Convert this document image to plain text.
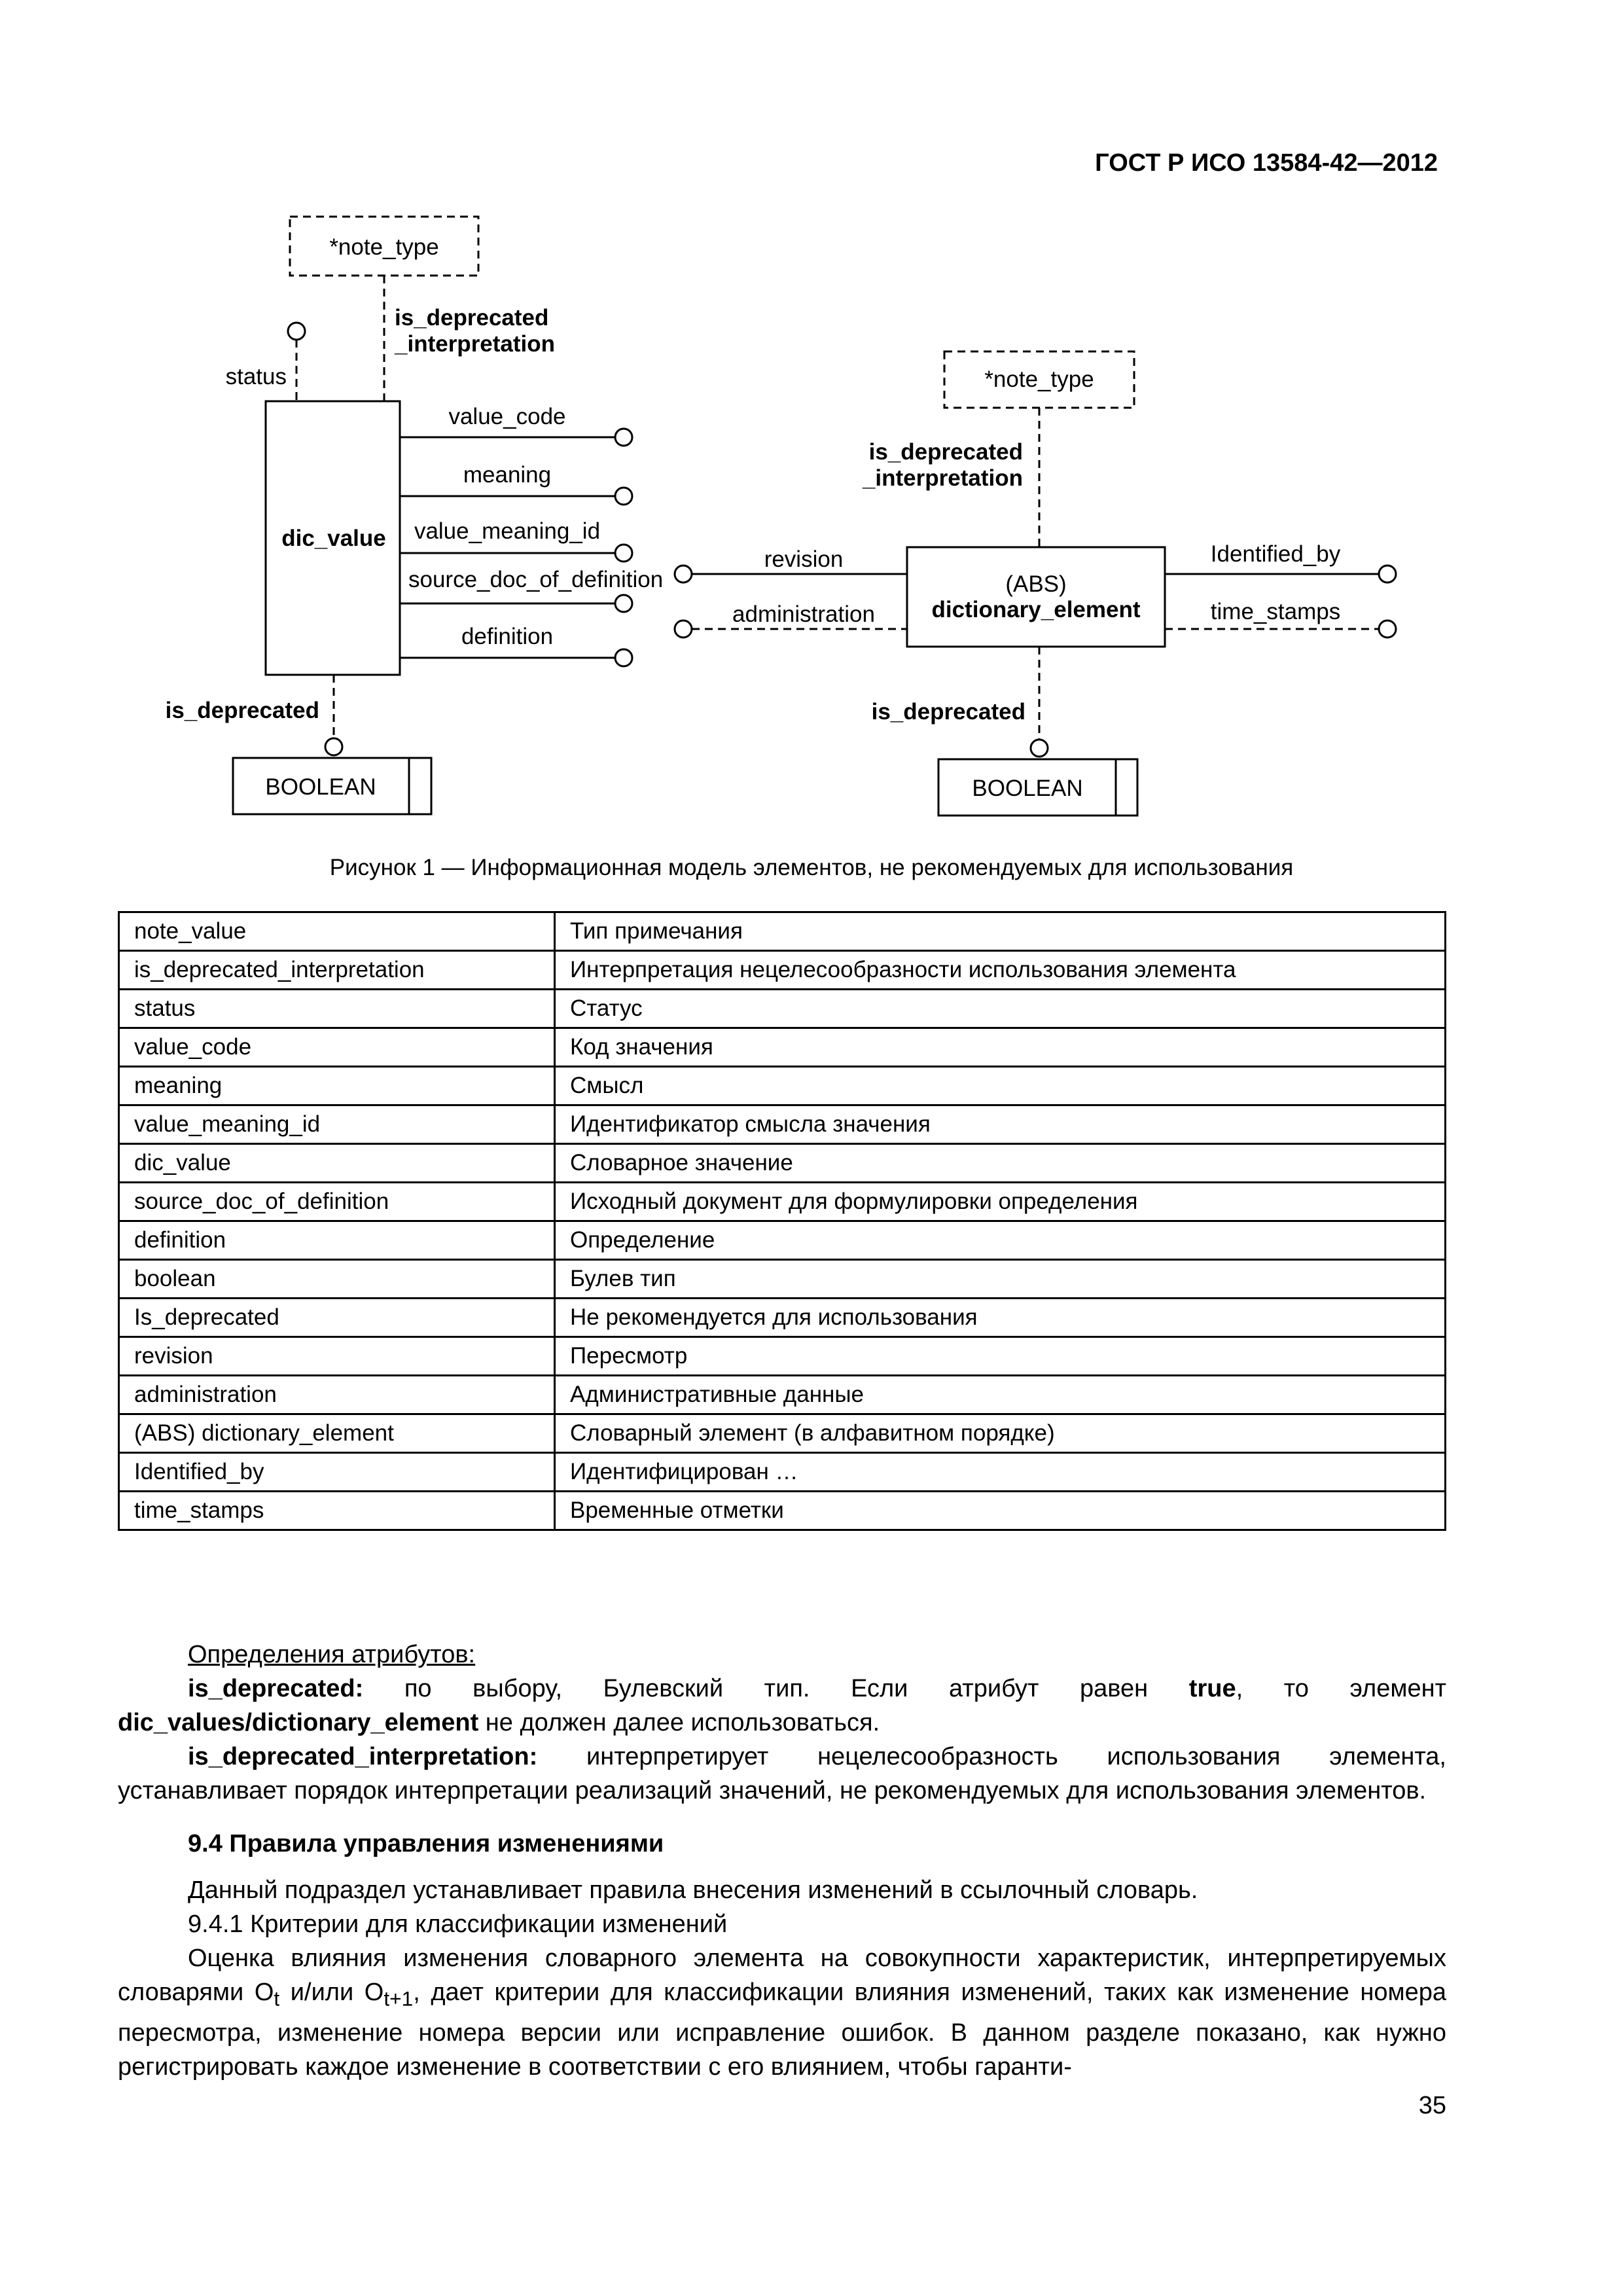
ГОСТ Р ИСО 13584-42—2012
*note_type
is_deprecated
_interpretation
status
dic_value
value_code
meaning
value_meaning_id
source_doc_of_definition
definition
is_deprecated
BOOLEAN
*note_type
is_deprecated
_interpretation
(ABS)
dictionary_element
revision
administration
Identified_by
time_stamps
is_deprecated
BOOLEAN
Рисунок 1 — Информационная модель элементов, не рекомендуемых для использования
note_value	Тип примечания
is_deprecated_interpretation	Интерпретация нецелесообразности использования элемента
status	Статус
value_code	Код значения
meaning	Смысл
value_meaning_id	Идентификатор смысла значения
dic_value	Словарное значение
source_doc_of_definition	Исходный документ для формулировки определения
definition	Определение
boolean	Булев тип
Is_deprecated	Не рекомендуется для использования
revision	Пересмотр
administration	Административные данные
(ABS) dictionary_element	Словарный элемент (в алфавитном порядке)
Identified_by	Идентифицирован …
time_stamps	Временные отметки

Определения атрибутов:

is_deprecated: по выбору, Булевский тип. Если атрибут равен true, то элемент dic_values/dictionary_element не должен далее использоваться.

is_deprecated_interpretation: интерпретирует нецелесообразность использования элемента, устанавливает порядок интерпретации реализаций значений, не рекомендуемых для использования элементов.

9.4 Правила управления изменениями

Данный подраздел устанавливает правила внесения изменений в ссылочный словарь.

9.4.1 Критерии для классификации изменений

Оценка влияния изменения словарного элемента на совокупности характеристик, интерпретируемых словарями $O_t$ и/или $O_{t+1}$, дает критерии для классификации влияния изменений, таких как изменение номера пересмотра, изменение номера версии или исправление ошибок. В данном разделе показано, как нужно регистрировать каждое изменение в соответствии с его влиянием, чтобы гаранти-

35
